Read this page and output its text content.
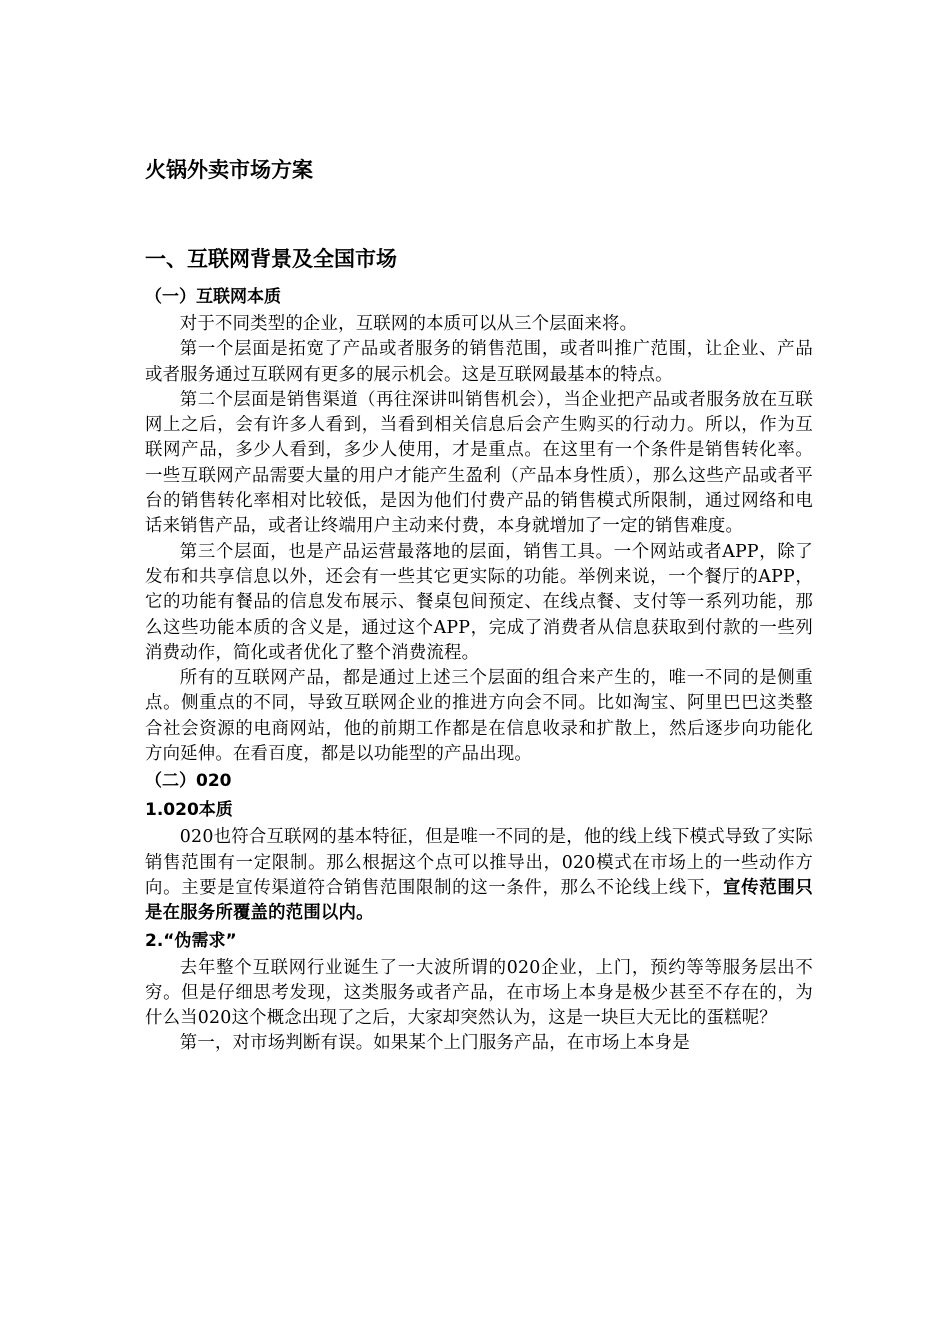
火锅外卖市场方案
一、互联网背景及全国市场
（一）互联网本质

对于不同类型的企业，互联网的本质可以从三个层面来将。

第一个层面是拓宽了产品或者服务的销售范围，或者叫推广范围，让企业、产品或者服务通过互联网有更多的展示机会。这是互联网最基本的特点。

第二个层面是销售渠道（再往深讲叫销售机会），当企业把产品或者服务放在互联网上之后，会有许多人看到，当看到相关信息后会产生购买的行动力。所以，作为互联网产品，多少人看到，多少人使用，才是重点。在这里有一个条件是销售转化率。一些互联网产品需要大量的用户才能产生盈利（产品本身性质），那么这些产品或者平台的销售转化率相对比较低，是因为他们付费产品的销售模式所限制，通过网络和电话来销售产品，或者让终端用户主动来付费，本身就增加了一定的销售难度。

第三个层面，也是产品运营最落地的层面，销售工具。一个网站或者APP，除了发布和共享信息以外，还会有一些其它更实际的功能。举例来说，一个餐厅的APP，它的功能有餐品的信息发布展示、餐桌包间预定、在线点餐、支付等一系列功能，那么这些功能本质的含义是，通过这个APP，完成了消费者从信息获取到付款的一些列消费动作，简化或者优化了整个消费流程。

所有的互联网产品，都是通过上述三个层面的组合来产生的，唯一不同的是侧重点。侧重点的不同，导致互联网企业的推进方向会不同。比如淘宝、阿里巴巴这类整合社会资源的电商网站，他的前期工作都是在信息收录和扩散上，然后逐步向功能化方向延伸。在看百度，都是以功能型的产品出现。

（二）020
1.020本质

020也符合互联网的基本特征，但是唯一不同的是，他的线上线下模式导致了实际销售范围有一定限制。那么根据这个点可以推导出，020模式在市场上的一些动作方向。主要是宣传渠道符合销售范围限制的这一条件，那么不论线上线下，宣传范围只是在服务所覆盖的范围以内。

2.“伪需求”

去年整个互联网行业诞生了一大波所谓的020企业，上门，预约等等服务层出不穷。但是仔细思考发现，这类服务或者产品，在市场上本身是极少甚至不存在的，为什么当020这个概念出现了之后，大家却突然认为，这是一块巨大无比的蛋糕呢？

第一，对市场判断有误。如果某个上门服务产品，在市场上本身是
